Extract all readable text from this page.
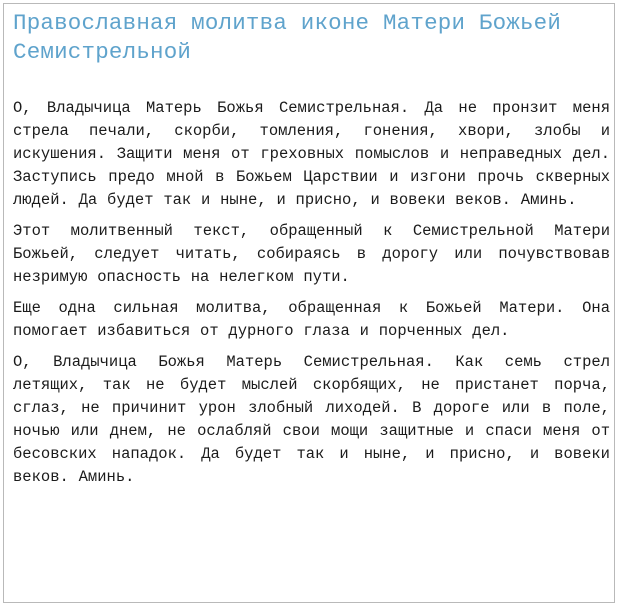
Православная молитва иконе Матери Божьей Семистрельной

О, Владычица Матерь Божья Семистрельная. Да не пронзит меня стрела печали, скорби, томления, гонения, хвори, злобы и искушения. Защити меня от греховных помыслов и неправедных дел. Заступись предо мной в Божьем Царствии и изгони прочь скверных людей. Да будет так и ныне, и присно, и вовеки веков. Аминь.

Этот молитвенный текст, обращенный к Семистрельной Матери Божьей, следует читать, собираясь в дорогу или почувствовав незримую опасность на нелегком пути.

Еще одна сильная молитва, обращенная к Божьей Матери. Она помогает избавиться от дурного глаза и порченных дел.

О, Владычица Божья Матерь Семистрельная. Как семь стрел летящих, так не будет мыслей скорбящих, не пристанет порча, сглаз, не причинит урон злобный лиходей. В дороге или в поле, ночью или днем, не ослабляй свои мощи защитные и спаси меня от бесовских нападок. Да будет так и ныне, и присно, и вовеки веков. Аминь.
